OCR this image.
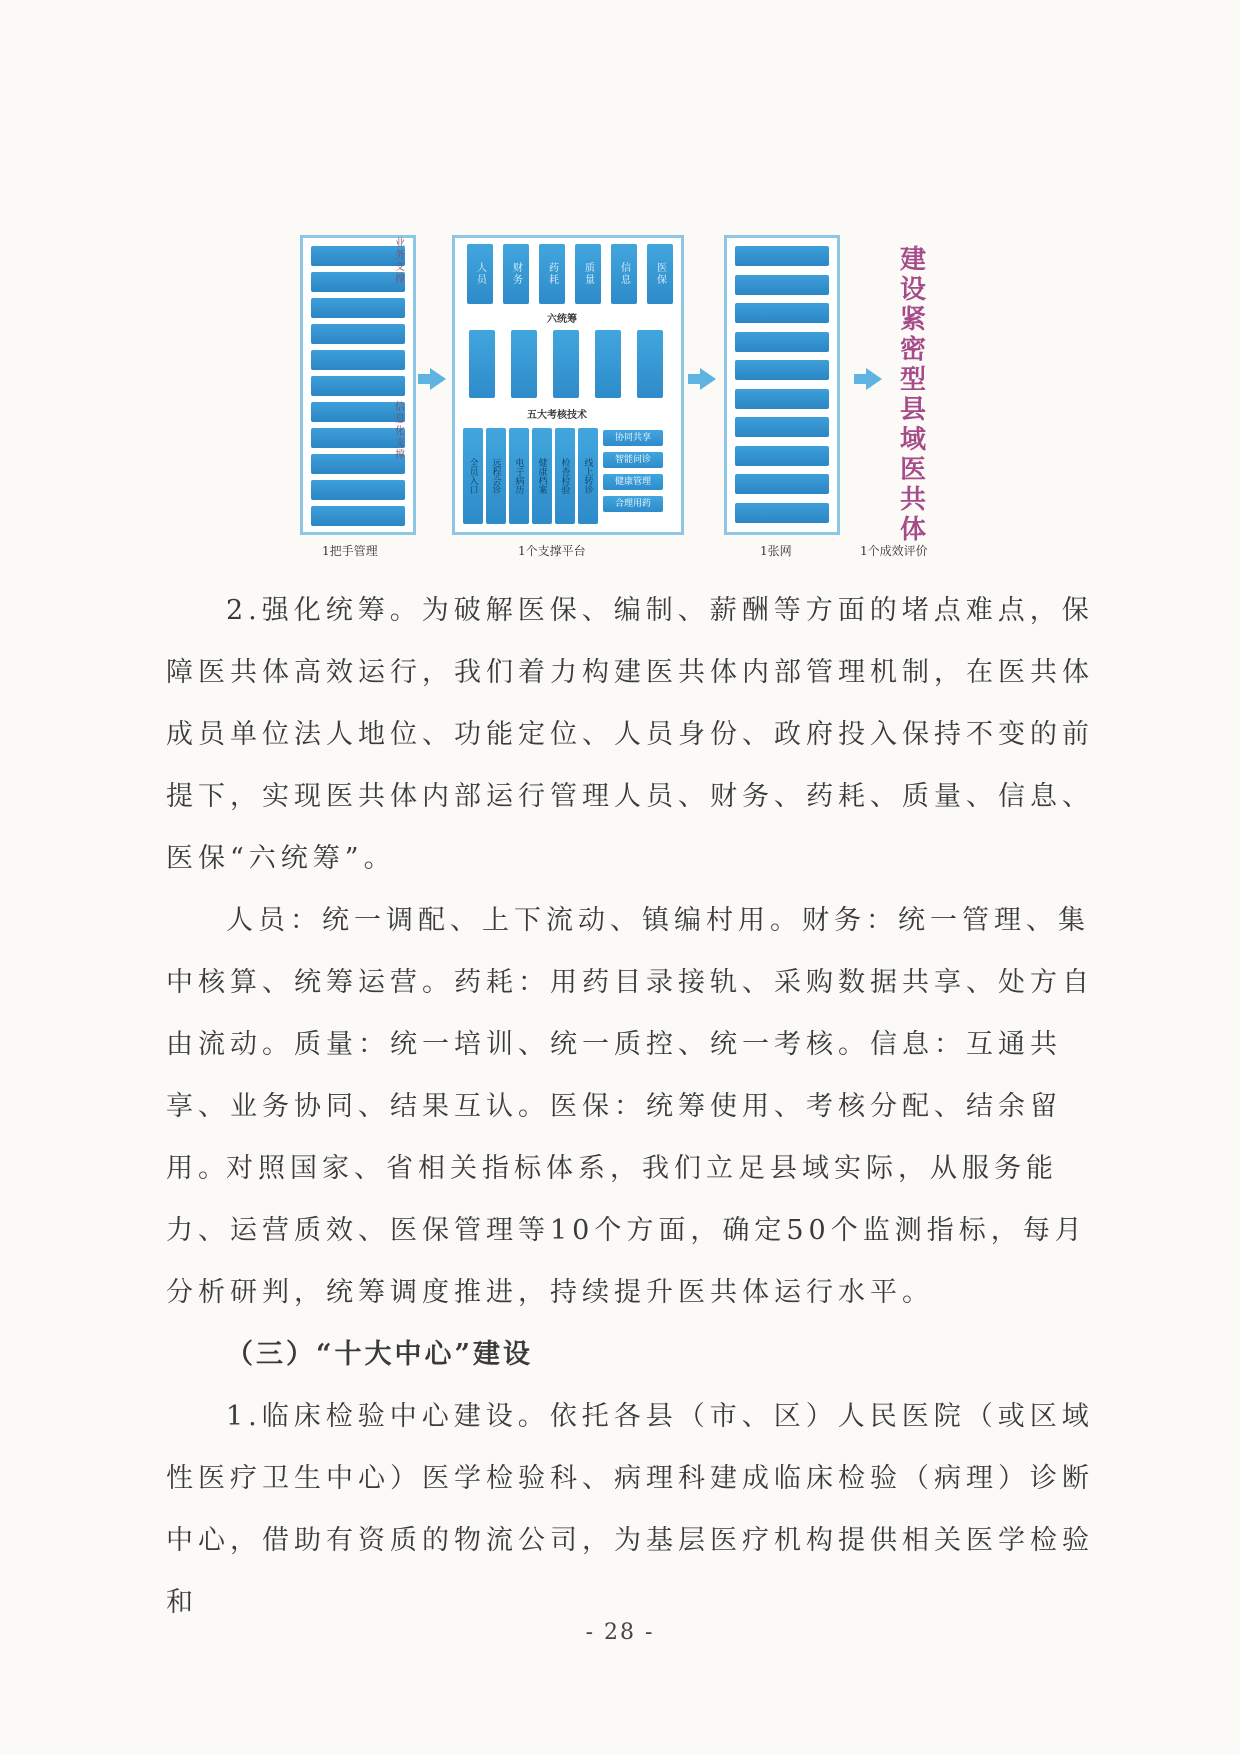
六统筹
五大考核技术
人员	财务	药耗	质量	信息	医保
全员入口	远程会诊	电子病历	健康档案	检查检验	线上转诊
协同共享
智能问诊
健康管理
合理用药
业务支撑
信息化支撑
建设紧密型县域医共体
1把手管理	1个支撑平台	1张网	1个成效评价

2.强化统筹。为破解医保、编制、薪酬等方面的堵点难点，保障医共体高效运行，我们着力构建医共体内部管理机制，在医共体成员单位法人地位、功能定位、人员身份、政府投入保持不变的前提下，实现医共体内部运行管理人员、财务、药耗、质量、信息、医保“六统筹”。

人员：统一调配、上下流动、镇编村用。财务：统一管理、集中核算、统筹运营。药耗：用药目录接轨、采购数据共享、处方自由流动。质量：统一培训、统一质控、统一考核。信息：互通共享、业务协同、结果互认。医保：统筹使用、考核分配、结余留用。

对照国家、省相关指标体系，我们立足县域实际，从服务能力、运营质效、医保管理等10个方面，确定50个监测指标，每月分析研判，统筹调度推进，持续提升医共体运行水平。

（三）“十大中心”建设

1.临床检验中心建设。依托各县（市、区）人民医院（或区域性医疗卫生中心）医学检验科、病理科建成临床检验（病理）诊断中心，借助有资质的物流公司，为基层医疗机构提供相关医学检验和

- 28 -
